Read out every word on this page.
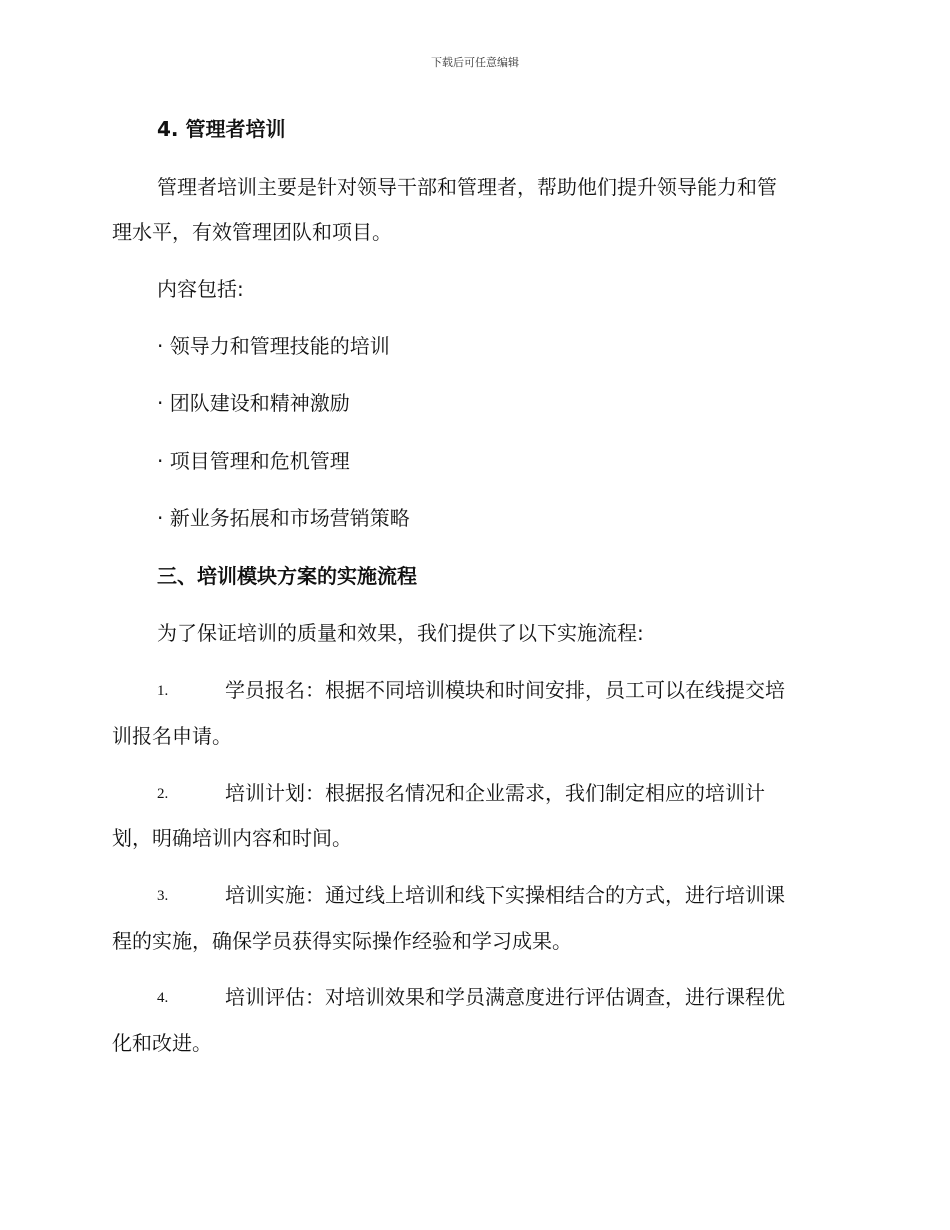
下载后可任意编辑
4. 管理者培训
管理者培训主要是针对领导干部和管理者，帮助他们提升领导能力和管
理水平，有效管理团队和项目。
内容包括:
· 领导力和管理技能的培训
· 团队建设和精神激励
· 项目管理和危机管理
· 新业务拓展和市场营销策略
三、培训模块方案的实施流程
为了保证培训的质量和效果，我们提供了以下实施流程:
1.	学员报名：根据不同培训模块和时间安排，员工可以在线提交培
训报名申请。
2.	培训计划：根据报名情况和企业需求，我们制定相应的培训计
划，明确培训内容和时间。
3.	培训实施：通过线上培训和线下实操相结合的方式，进行培训课
程的实施，确保学员获得实际操作经验和学习成果。
4.	培训评估：对培训效果和学员满意度进行评估调查，进行课程优
化和改进。
